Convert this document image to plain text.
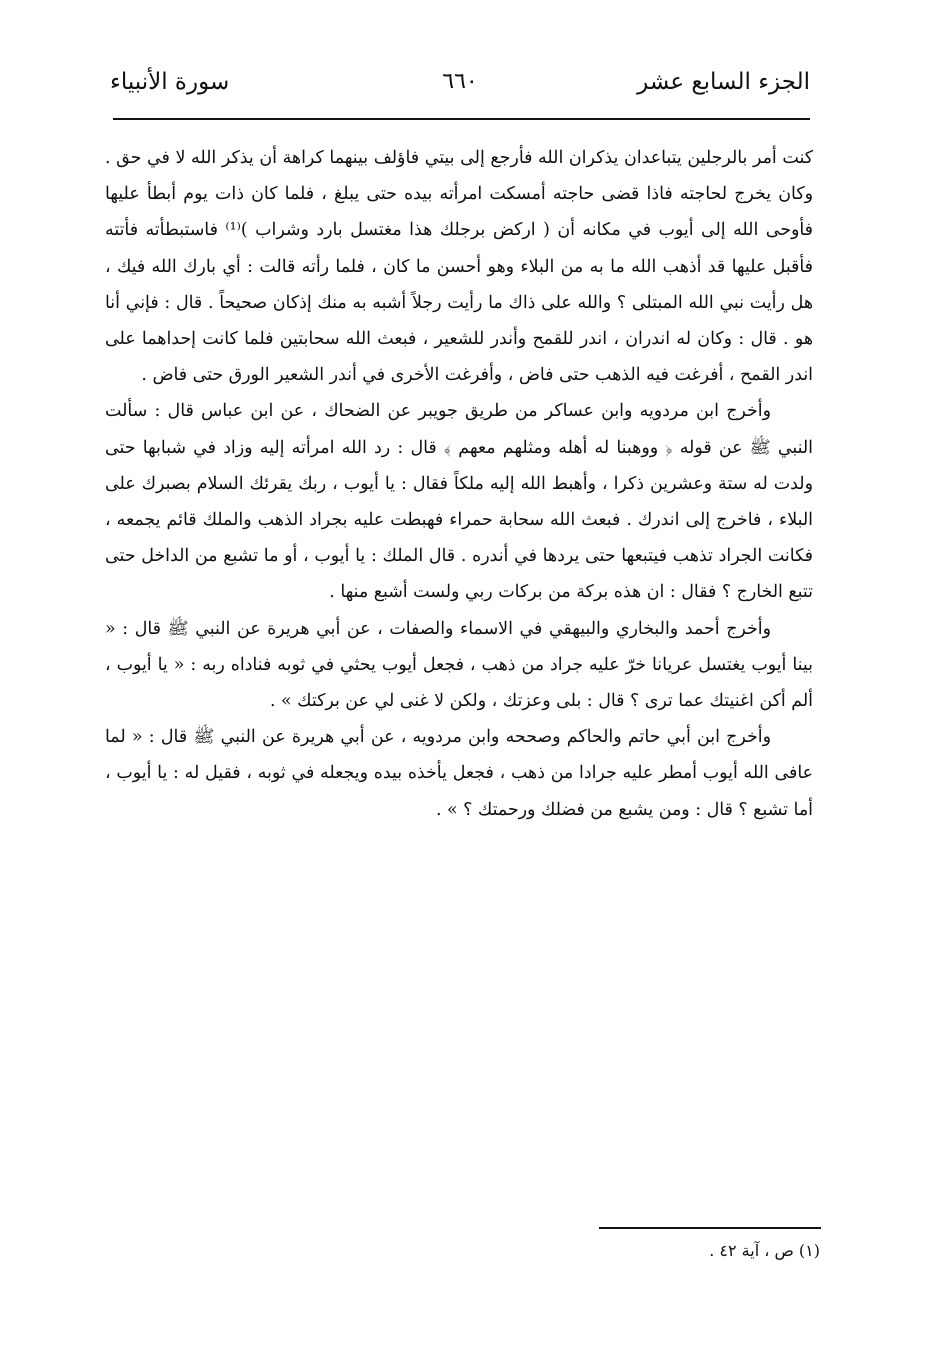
الجزء السابع عشر
٦٦٠
سورة الأنبياء

كنت أمر بالرجلين يتباعدان يذكران الله فأرجع إلى بيتي فاؤلف بينهما كراهة أن يذكر الله لا في حق . وكان يخرج لحاجته فاذا قضى حاجته أمسكت امرأته بيده حتى يبلغ ، فلما كان ذات يوم أبطأ عليها فأوحى الله إلى أيوب في مكانه أن ( اركض برجلك هذا مغتسل بارد وشراب )⁽¹⁾ فاستبطأته فأتته فأقبل عليها قد أذهب الله ما به من البلاء وهو أحسن ما كان ، فلما رأته قالت : أي بارك الله فيك ، هل رأيت نبي الله المبتلى ؟ والله على ذاك ما رأيت رجلاً أشبه به منك إذكان صحيحاً . قال : فإني أنا هو . قال : وكان له اندران ، اندر للقمح وأندر للشعير ، فبعث الله سحابتين فلما كانت إحداهما على اندر القمح ، أفرغت فيه الذهب حتى فاض ، وأفرغت الأخرى في أندر الشعير الورق حتى فاض .

وأخرج ابن مردويه وابن عساكر من طريق جويبر عن الضحاك ، عن ابن عباس قال : سألت النبي ﷺ عن قوله ﴿ ووهبنا له أهله ومثلهم معهم ﴾ قال : رد الله امرأته إليه وزاد في شبابها حتى ولدت له ستة وعشرين ذكرا ، وأهبط الله إليه ملكاً فقال : يا أيوب ، ربك يقرئك السلام بصبرك على البلاء ، فاخرج إلى اندرك . فبعث الله سحابة حمراء فهبطت عليه بجراد الذهب والملك قائم يجمعه ، فكانت الجراد تذهب فيتبعها حتى يردها في أندره . قال الملك : يا أيوب ، أو ما تشبع من الداخل حتى تتبع الخارج ؟ فقال : ان هذه بركة من بركات ربي ولست أشبع منها .

وأخرج أحمد والبخاري والبيهقي في الاسماء والصفات ، عن أبي هريرة عن النبي ﷺ قال : « بينا أيوب يغتسل عريانا خرّ عليه جراد من ذهب ، فجعل أيوب يحثي في ثوبه فناداه ربه : « يا أيوب ، ألم أكن اغنيتك عما ترى ؟ قال : بلى وعزتك ، ولكن لا غنى لي عن بركتك » .

وأخرج ابن أبي حاتم والحاكم وصححه وابن مردويه ، عن أبي هريرة عن النبي ﷺ قال : « لما عافى الله أيوب أمطر عليه جرادا من ذهب ، فجعل يأخذه بيده ويجعله في ثوبه ، فقيل له : يا أيوب ، أما تشبع ؟ قال : ومن يشبع من فضلك ورحمتك ؟ » .

(١) ص ، آية ٤٢ .
